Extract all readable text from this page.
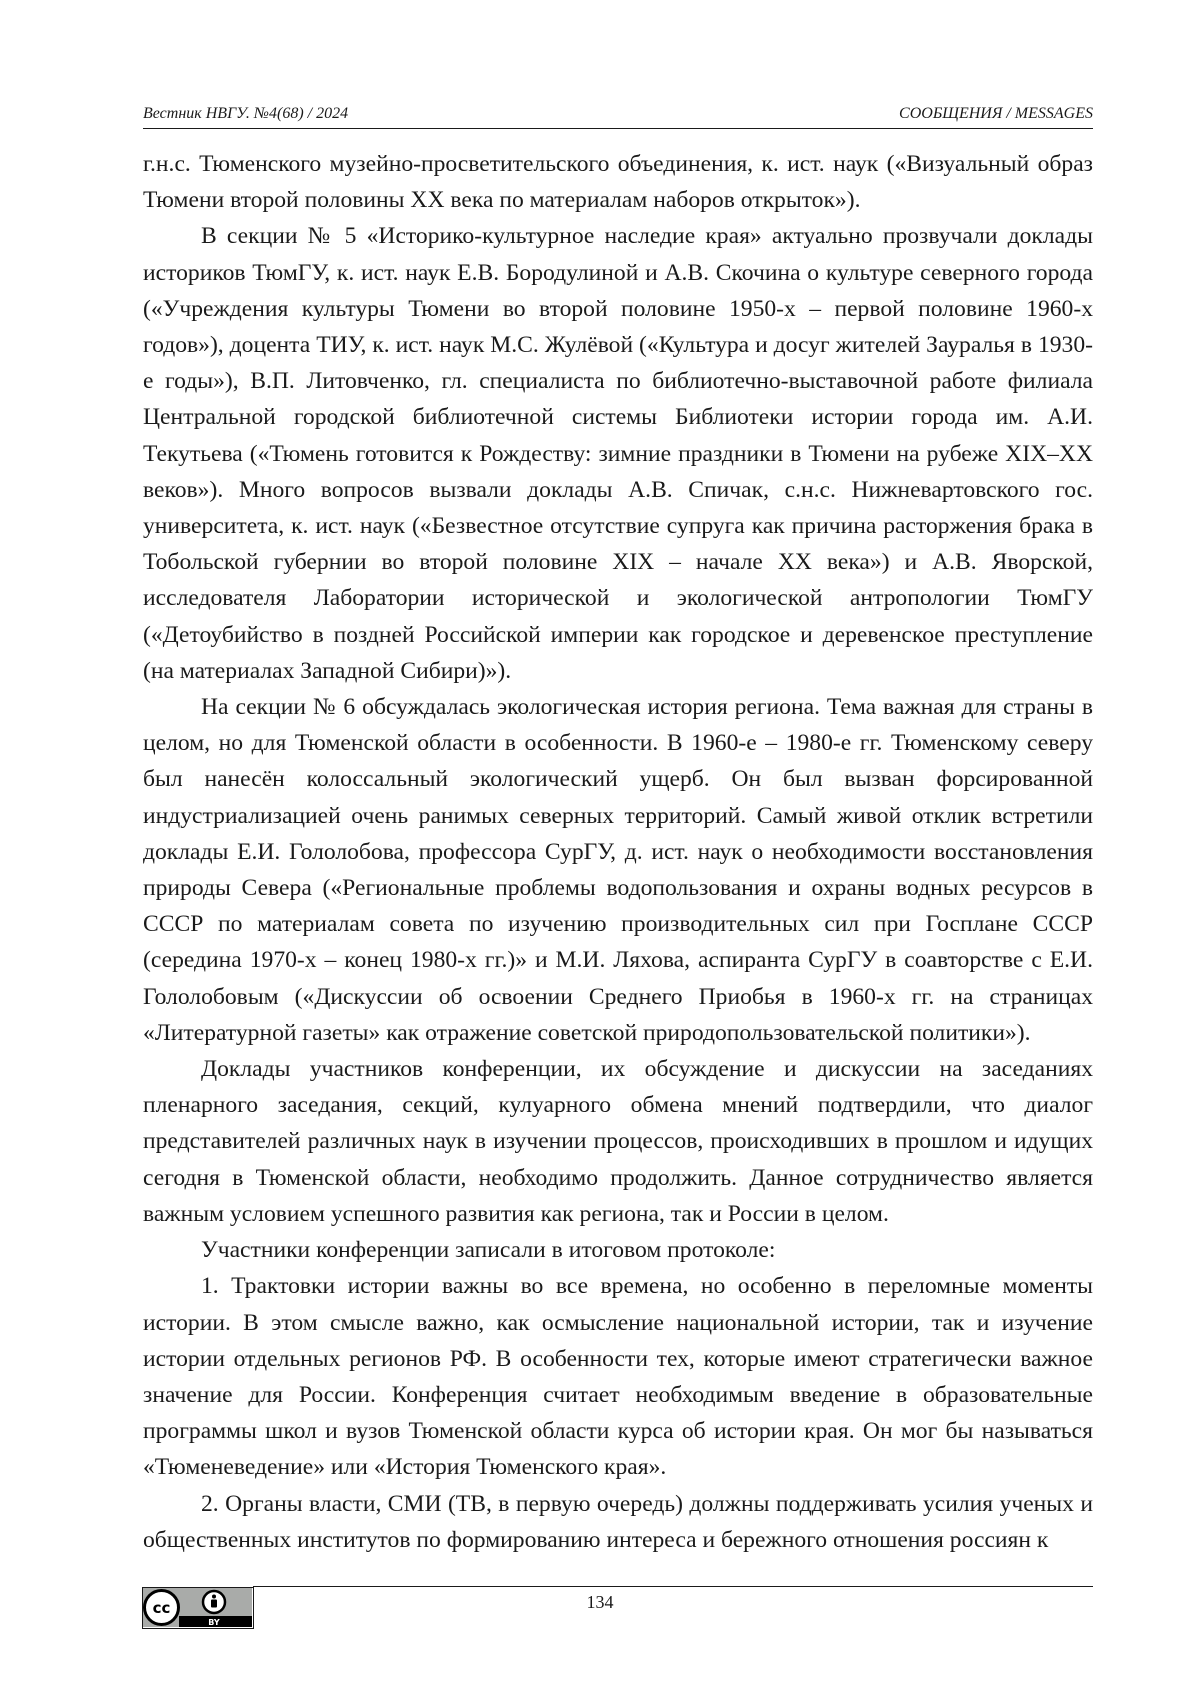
Вестник НВГУ. №4(68) / 2024	СООБЩЕНИЯ / MESSAGES

г.н.с. Тюменского музейно-просветительского объединения, к. ист. наук («Визуальный образ Тюмени второй половины XX века по материалам наборов открыток»).

В секции № 5 «Историко-культурное наследие края» актуально прозвучали доклады историков ТюмГУ, к. ист. наук Е.В. Бородулиной и А.В. Скочина о культуре северного города («Учреждения культуры Тюмени во второй половине 1950-х – первой половине 1960-х годов»), доцента ТИУ, к. ист. наук М.С. Жулёвой («Культура и досуг жителей Зауралья в 1930-е годы»), В.П. Литовченко, гл. специалиста по библиотечно-выставочной работе филиала Центральной городской библиотечной системы Библиотеки истории города им. А.И. Текутьева («Тюмень готовится к Рождеству: зимние праздники в Тюмени на рубеже XIX–XX веков»). Много вопросов вызвали доклады А.В. Спичак, с.н.с. Нижневартовского гос. университета, к. ист. наук («Безвестное отсутствие супруга как причина расторжения брака в Тобольской губернии во второй половине XIX – начале XX века») и А.В. Яворской, исследователя Лаборатории исторической и экологической антропологии ТюмГУ («Детоубийство в поздней Российской империи как городское и деревенское преступление (на материалах Западной Сибири)»).

На секции № 6 обсуждалась экологическая история региона. Тема важная для страны в целом, но для Тюменской области в особенности. В 1960-е – 1980-е гг. Тюменскому северу был нанесён колоссальный экологический ущерб. Он был вызван форсированной индустриализацией очень ранимых северных территорий. Самый живой отклик встретили доклады Е.И. Гололобова, профессора СурГУ, д. ист. наук о необходимости восстановления природы Севера («Региональные проблемы водопользования и охраны водных ресурсов в СССР по материалам совета по изучению производительных сил при Госплане СССР (середина 1970-х – конец 1980-х гг.)» и М.И. Ляхова, аспиранта СурГУ в соавторстве с Е.И. Гололобовым («Дискуссии об освоении Среднего Приобья в 1960-х гг. на страницах «Литературной газеты» как отражение советской природопользовательской политики»).

Доклады участников конференции, их обсуждение и дискуссии на заседаниях пленарного заседания, секций, кулуарного обмена мнений подтвердили, что диалог представителей различных наук в изучении процессов, происходивших в прошлом и идущих сегодня в Тюменской области, необходимо продолжить. Данное сотрудничество является важным условием успешного развития как региона, так и России в целом.

Участники конференции записали в итоговом протоколе:

1. Трактовки истории важны во все времена, но особенно в переломные моменты истории. В этом смысле важно, как осмысление национальной истории, так и изучение истории отдельных регионов РФ. В особенности тех, которые имеют стратегически важное значение для России. Конференция считает необходимым введение в образовательные программы школ и вузов Тюменской области курса об истории края. Он мог бы называться «Тюменеведение» или «История Тюменского края».

2. Органы власти, СМИ (ТВ, в первую очередь) должны поддерживать усилия ученых и общественных институтов по формированию интереса и бережного отношения россиян к

cc
BY
134
